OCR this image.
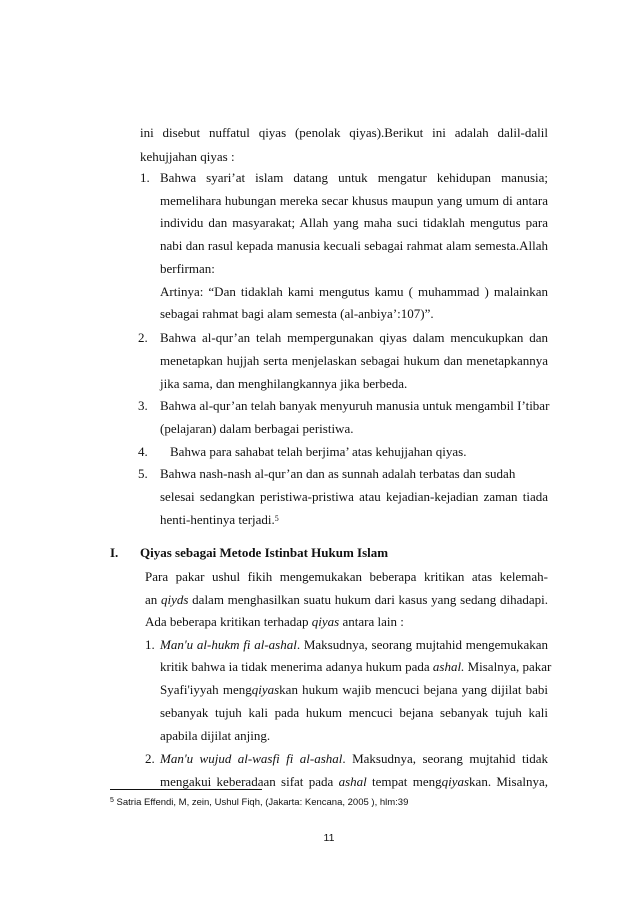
ini disebut nuffatul qiyas (penolak qiyas).Berikut ini adalah dalil-dalil
kehujjahan qiyas :
1. Bahwa syari’at islam datang untuk mengatur kehidupan manusia;
memelihara hubungan mereka secar khusus maupun yang umum di antara
individu dan masyarakat; Allah yang maha suci tidaklah mengutus para
nabi dan rasul kepada manusia kecuali sebagai rahmat alam semesta.Allah
berfirman:
Artinya: “Dan tidaklah kami mengutus kamu ( muhammad ) malainkan
sebagai rahmat bagi alam semesta (al-anbiya’:107)”.
2. Bahwa al-qur’an telah mempergunakan qiyas dalam mencukupkan dan
menetapkan hujjah serta menjelaskan sebagai hukum dan menetapkannya
jika sama, dan menghilangkannya jika berbeda.
3. Bahwa al-qur’an telah banyak menyuruh manusia untuk mengambil I’tibar
(pelajaran) dalam berbagai peristiwa.
4. Bahwa para sahabat telah berjima’ atas kehujjahan qiyas.
5. Bahwa nash-nash al-qur’an dan as sunnah adalah terbatas dan sudah
selesai sedangkan peristiwa-pristiwa atau kejadian-kejadian zaman tiada
henti-hentinya terjadi.$^5$
I. Qiyas sebagai Metode Istinbat Hukum Islam
Para pakar ushul fikih mengemukakan beberapa kritikan atas kelemah-
an qiyds dalam menghasilkan suatu hukum dari kasus yang sedang dihadapi.
Ada beberapa kritikan terhadap qiyas antara lain :
1. Man'u al-hukm fi al-ashal. Maksudnya, seorang mujtahid mengemukakan
kritik bahwa ia tidak menerima adanya hukum pada ashal. Misalnya, pakar
Syafi'iyyah mengqiyaskan hukum wajib mencuci bejana yang dijilat babi
sebanyak tujuh kali pada hukum mencuci bejana sebanyak tujuh kali
apabila dijilat anjing.
2. Man'u wujud al-wasfi fi al-ashal. Maksudnya, seorang mujtahid tidak
mengakui keberadaan sifat pada ashal tempat mengqiyaskan. Misalnya,
$^5$ Satria Effendi, M, zein, Ushul Fiqh, (Jakarta: Kencana, 2005 ), hlm:39
11
